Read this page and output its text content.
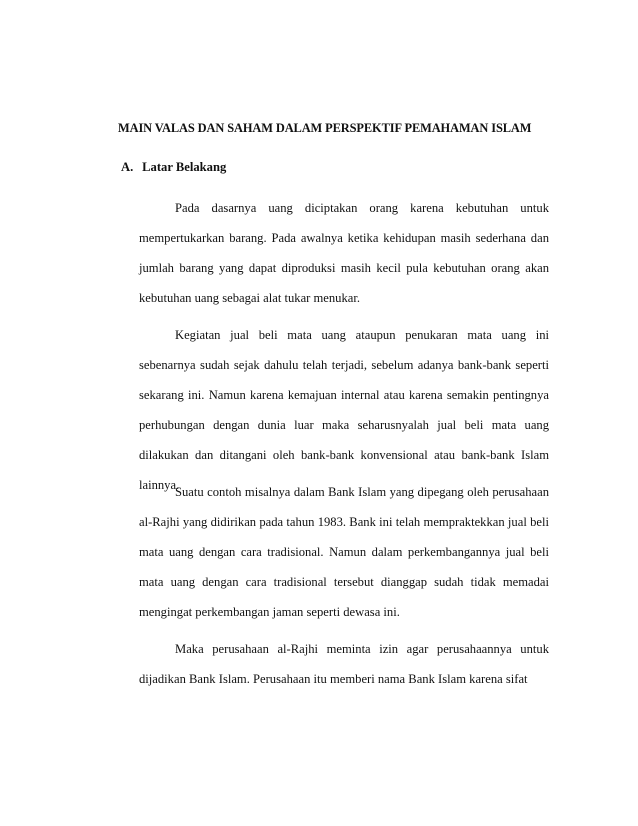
MAIN VALAS DAN SAHAM DALAM PERSPEKTIF PEMAHAMAN ISLAM
A. Latar Belakang

Pada dasarnya uang diciptakan orang karena kebutuhan untuk mempertukarkan barang. Pada awalnya ketika kehidupan masih sederhana dan jumlah barang yang dapat diproduksi masih kecil pula kebutuhan orang akan kebutuhan uang sebagai alat tukar menukar.

Kegiatan jual beli mata uang ataupun penukaran mata uang ini sebenarnya sudah sejak dahulu telah terjadi, sebelum adanya bank-bank seperti sekarang ini. Namun karena kemajuan internal atau karena semakin pentingnya perhubungan dengan dunia luar maka seharusnyalah jual beli mata uang dilakukan dan ditangani oleh bank-bank konvensional atau bank-bank Islam lainnya.

Suatu contoh misalnya dalam Bank Islam yang dipegang oleh perusahaan al-Rajhi yang didirikan pada tahun 1983. Bank ini telah mempraktekkan jual beli mata uang dengan cara tradisional. Namun dalam perkembangannya jual beli mata uang dengan cara tradisional tersebut dianggap sudah tidak memadai mengingat perkembangan jaman seperti dewasa ini.

Maka perusahaan al-Rajhi meminta izin agar perusahaannya untuk dijadikan Bank Islam. Perusahaan itu memberi nama Bank Islam karena sifat
